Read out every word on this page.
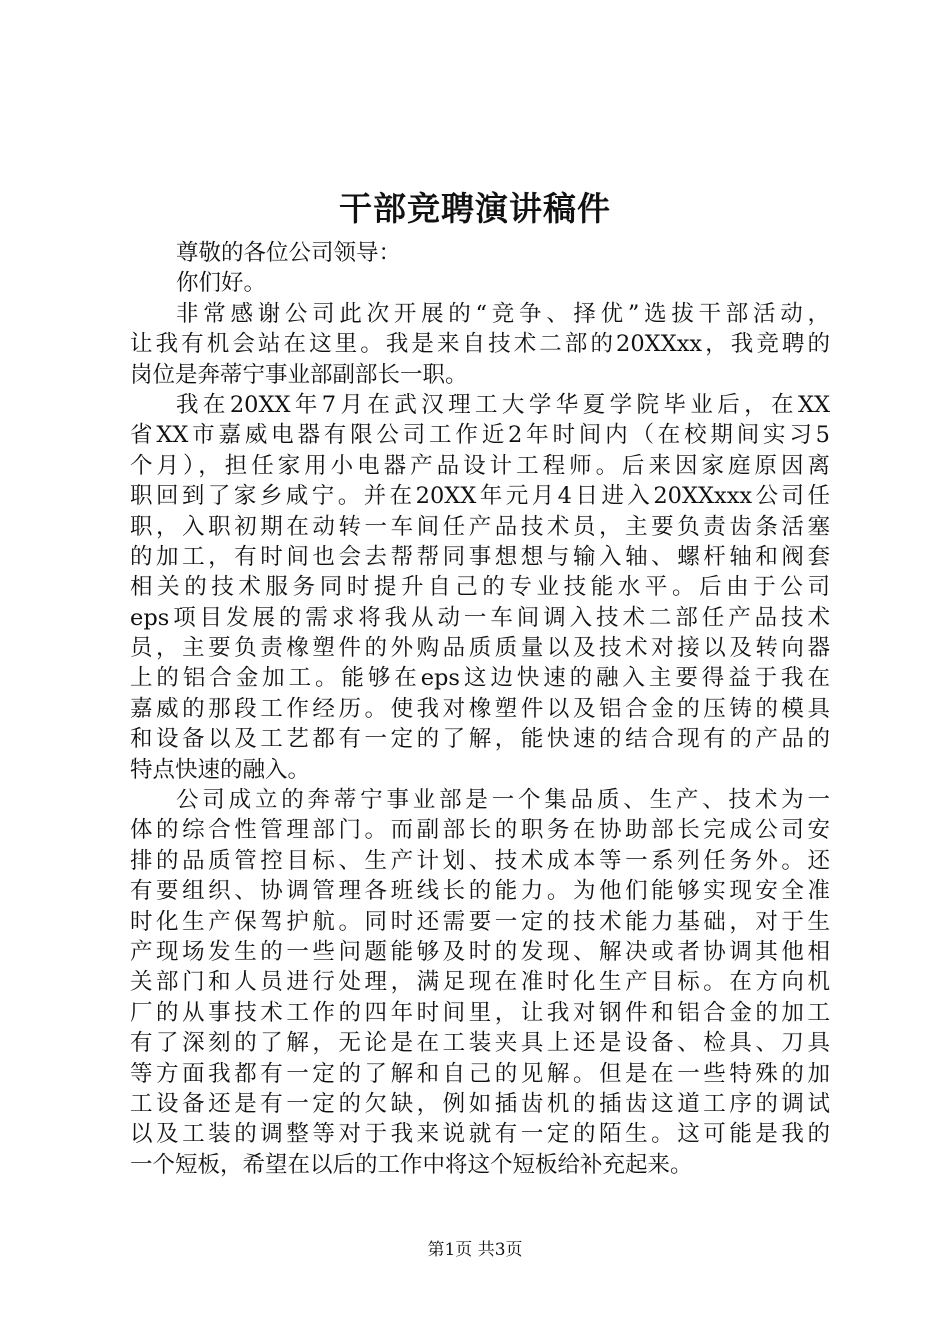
干部竞聘演讲稿件
尊敬的各位公司领导：
你们好。
非常感谢公司此次开展的“竞争、择优”选拔干部活动，
让我有机会站在这里。我是来自技术二部的20XXxx，我竞聘的
岗位是奔蒂宁事业部副部长一职。
我在20XX年7月在武汉理工大学华夏学院毕业后，在XX
省XX市嘉威电器有限公司工作近2年时间内（在校期间实习5
个月），担任家用小电器产品设计工程师。后来因家庭原因离
职回到了家乡咸宁。并在20XX年元月4日进入20XXxxx公司任
职，入职初期在动转一车间任产品技术员，主要负责齿条活塞
的加工，有时间也会去帮帮同事想想与输入轴、螺杆轴和阀套
相关的技术服务同时提升自己的专业技能水平。后由于公司
eps项目发展的需求将我从动一车间调入技术二部任产品技术
员，主要负责橡塑件的外购品质质量以及技术对接以及转向器
上的铝合金加工。能够在eps这边快速的融入主要得益于我在
嘉威的那段工作经历。使我对橡塑件以及铝合金的压铸的模具
和设备以及工艺都有一定的了解，能快速的结合现有的产品的
特点快速的融入。
公司成立的奔蒂宁事业部是一个集品质、生产、技术为一
体的综合性管理部门。而副部长的职务在协助部长完成公司安
排的品质管控目标、生产计划、技术成本等一系列任务外。还
有要组织、协调管理各班线长的能力。为他们能够实现安全准
时化生产保驾护航。同时还需要一定的技术能力基础，对于生
产现场发生的一些问题能够及时的发现、解决或者协调其他相
关部门和人员进行处理，满足现在准时化生产目标。在方向机
厂的从事技术工作的四年时间里，让我对钢件和铝合金的加工
有了深刻的了解，无论是在工装夹具上还是设备、检具、刀具
等方面我都有一定的了解和自己的见解。但是在一些特殊的加
工设备还是有一定的欠缺，例如插齿机的插齿这道工序的调试
以及工装的调整等对于我来说就有一定的陌生。这可能是我的
一个短板，希望在以后的工作中将这个短板给补充起来。
第1页 共3页
